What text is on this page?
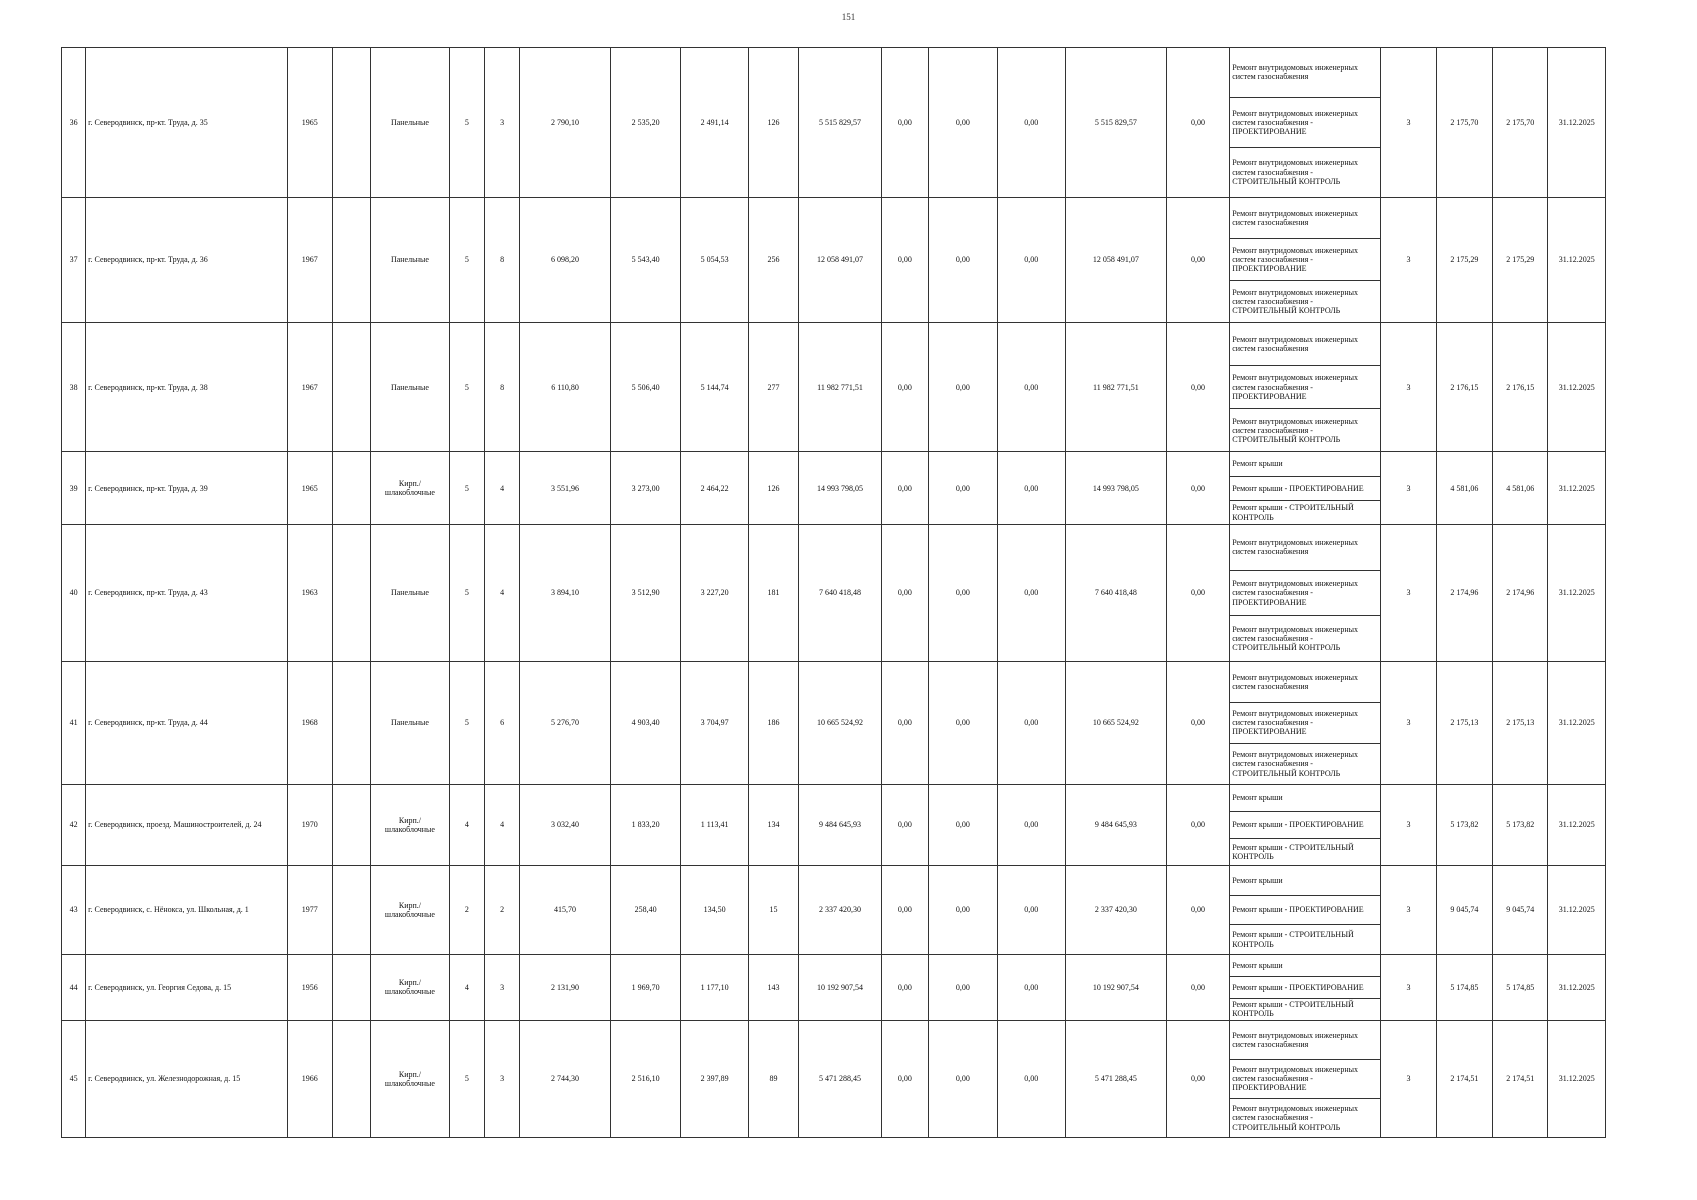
151
36	г. Северодвинск, пр-кт. Труда, д. 35	1965		Панельные	5	3	2 790,10	2 535,20	2 491,14	126	5 515 829,57	0,00	0,00	0,00	5 515 829,57	0,00	Ремонт внутридомовых инженерных систем газоснабжения
Ремонт внутридомовых инженерных систем газоснабжения - ПРОЕКТИРОВАНИЕ
Ремонт внутридомовых инженерных систем газоснабжения - СТРОИТЕЛЬНЫЙ КОНТРОЛЬ	3	2 175,70	2 175,70	31.12.2025
37	г. Северодвинск, пр-кт. Труда, д. 36	1967		Панельные	5	8	6 098,20	5 543,40	5 054,53	256	12 058 491,07	0,00	0,00	0,00	12 058 491,07	0,00	Ремонт внутридомовых инженерных систем газоснабжения
Ремонт внутридомовых инженерных систем газоснабжения - ПРОЕКТИРОВАНИЕ
Ремонт внутридомовых инженерных систем газоснабжения - СТРОИТЕЛЬНЫЙ КОНТРОЛЬ	3	2 175,29	2 175,29	31.12.2025
38	г. Северодвинск, пр-кт. Труда, д. 38	1967		Панельные	5	8	6 110,80	5 506,40	5 144,74	277	11 982 771,51	0,00	0,00	0,00	11 982 771,51	0,00	Ремонт внутридомовых инженерных систем газоснабжения
Ремонт внутридомовых инженерных систем газоснабжения - ПРОЕКТИРОВАНИЕ
Ремонт внутридомовых инженерных систем газоснабжения - СТРОИТЕЛЬНЫЙ КОНТРОЛЬ	3	2 176,15	2 176,15	31.12.2025
39	г. Северодвинск, пр-кт. Труда, д. 39	1965		Кирп./ шлакоблочные	5	4	3 551,96	3 273,00	2 464,22	126	14 993 798,05	0,00	0,00	0,00	14 993 798,05	0,00	Ремонт крыши
Ремонт крыши - ПРОЕКТИРОВАНИЕ
Ремонт крыши - СТРОИТЕЛЬНЫЙ КОНТРОЛЬ	3	4 581,06	4 581,06	31.12.2025
40	г. Северодвинск, пр-кт. Труда, д. 43	1963		Панельные	5	4	3 894,10	3 512,90	3 227,20	181	7 640 418,48	0,00	0,00	0,00	7 640 418,48	0,00	Ремонт внутридомовых инженерных систем газоснабжения
Ремонт внутридомовых инженерных систем газоснабжения - ПРОЕКТИРОВАНИЕ
Ремонт внутридомовых инженерных систем газоснабжения - СТРОИТЕЛЬНЫЙ КОНТРОЛЬ	3	2 174,96	2 174,96	31.12.2025
41	г. Северодвинск, пр-кт. Труда, д. 44	1968		Панельные	5	6	5 276,70	4 903,40	3 704,97	186	10 665 524,92	0,00	0,00	0,00	10 665 524,92	0,00	Ремонт внутридомовых инженерных систем газоснабжения
Ремонт внутридомовых инженерных систем газоснабжения - ПРОЕКТИРОВАНИЕ
Ремонт внутридомовых инженерных систем газоснабжения - СТРОИТЕЛЬНЫЙ КОНТРОЛЬ	3	2 175,13	2 175,13	31.12.2025
42	г. Северодвинск, проезд. Машиностроителей, д. 24	1970		Кирп./ шлакоблочные	4	4	3 032,40	1 833,20	1 113,41	134	9 484 645,93	0,00	0,00	0,00	9 484 645,93	0,00	Ремонт крыши
Ремонт крыши - ПРОЕКТИРОВАНИЕ
Ремонт крыши - СТРОИТЕЛЬНЫЙ КОНТРОЛЬ	3	5 173,82	5 173,82	31.12.2025
43	г. Северодвинск, с. Нёнокса, ул. Школьная, д. 1	1977		Кирп./ шлакоблочные	2	2	415,70	258,40	134,50	15	2 337 420,30	0,00	0,00	0,00	2 337 420,30	0,00	Ремонт крыши
Ремонт крыши - ПРОЕКТИРОВАНИЕ
Ремонт крыши - СТРОИТЕЛЬНЫЙ КОНТРОЛЬ	3	9 045,74	9 045,74	31.12.2025
44	г. Северодвинск, ул. Георгия Седова, д. 15	1956		Кирп./ шлакоблочные	4	3	2 131,90	1 969,70	1 177,10	143	10 192 907,54	0,00	0,00	0,00	10 192 907,54	0,00	Ремонт крыши
Ремонт крыши - ПРОЕКТИРОВАНИЕ
Ремонт крыши - СТРОИТЕЛЬНЫЙ КОНТРОЛЬ	3	5 174,85	5 174,85	31.12.2025
45	г. Северодвинск, ул. Железнодорожная, д. 15	1966		Кирп./ шлакоблочные	5	3	2 744,30	2 516,10	2 397,89	89	5 471 288,45	0,00	0,00	0,00	5 471 288,45	0,00	Ремонт внутридомовых инженерных систем газоснабжения
Ремонт внутридомовых инженерных систем газоснабжения - ПРОЕКТИРОВАНИЕ
Ремонт внутридомовых инженерных систем газоснабжения - СТРОИТЕЛЬНЫЙ КОНТРОЛЬ	3	2 174,51	2 174,51	31.12.2025
